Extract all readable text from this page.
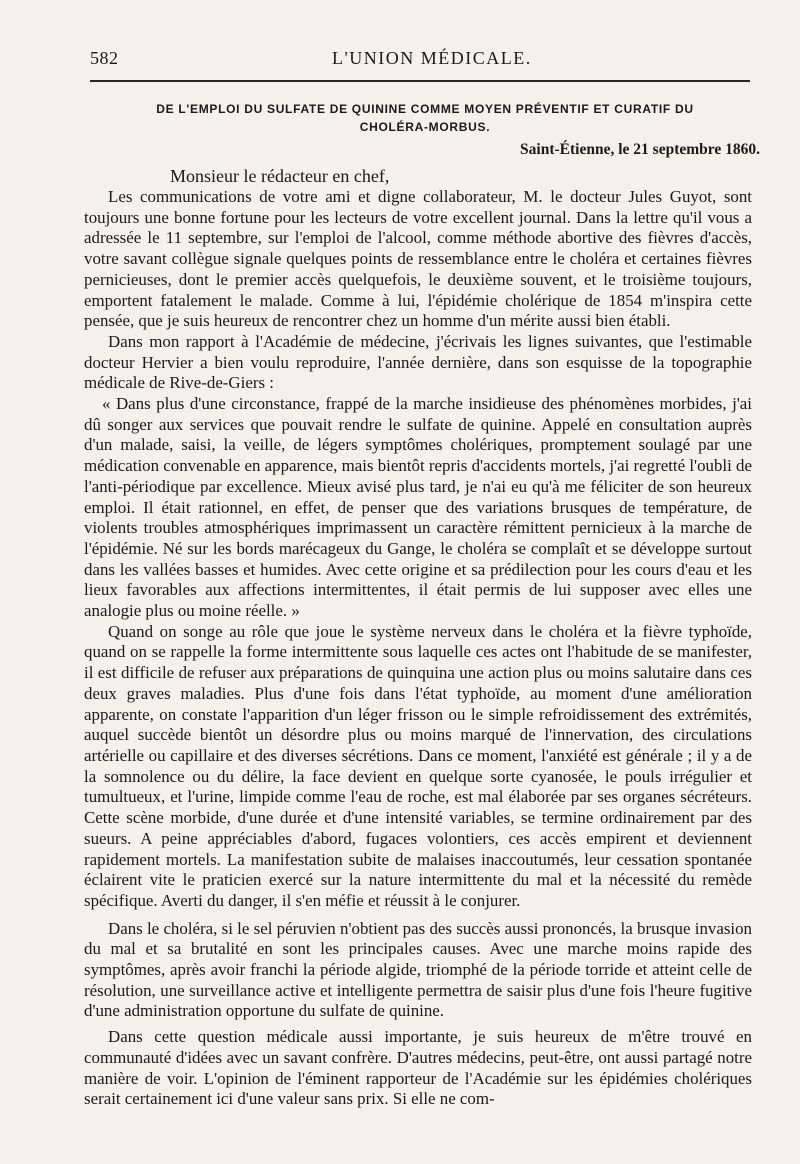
582	L'UNION MÉDICALE.
DE L'EMPLOI DU SULFATE DE QUININE COMME MOYEN PRÉVENTIF ET CURATIF DU
CHOLÉRA-MORBUS.
Saint-Étienne, le 21 septembre 1860.
Monsieur le rédacteur en chef,

Les communications de votre ami et digne collaborateur, M. le docteur Jules Guyot, sont toujours une bonne fortune pour les lecteurs de votre excellent journal. Dans la lettre qu'il vous a adressée le 11 septembre, sur l'emploi de l'alcool, comme méthode abortive des fièvres d'accès, votre savant collègue signale quelques points de ressemblance entre le choléra et certaines fièvres pernicieuses, dont le premier accès quelquefois, le deuxième souvent, et le troisième toujours, emportent fatalement le malade. Comme à lui, l'épidémie cholérique de 1854 m'inspira cette pensée, que je suis heureux de rencontrer chez un homme d'un mérite aussi bien établi.

Dans mon rapport à l'Académie de médecine, j'écrivais les lignes suivantes, que l'estimable docteur Hervier a bien voulu reproduire, l'année dernière, dans son esquisse de la topographie médicale de Rive-de-Giers :

« Dans plus d'une circonstance, frappé de la marche insidieuse des phénomènes morbides, j'ai dû songer aux services que pouvait rendre le sulfate de quinine. Appelé en consultation auprès d'un malade, saisi, la veille, de légers symptômes cholériques, promptement soulagé par une médication convenable en apparence, mais bientôt repris d'accidents mortels, j'ai regretté l'oubli de l'anti-périodique par excellence. Mieux avisé plus tard, je n'ai eu qu'à me féliciter de son heureux emploi. Il était rationnel, en effet, de penser que des variations brusques de température, de violents troubles atmosphériques imprimassent un caractère rémittent pernicieux à la marche de l'épidémie. Né sur les bords marécageux du Gange, le choléra se complaît et se développe surtout dans les vallées basses et humides. Avec cette origine et sa prédilection pour les cours d'eau et les lieux favorables aux affections intermittentes, il était permis de lui supposer avec elles une analogie plus ou moine réelle. »

Quand on songe au rôle que joue le système nerveux dans le choléra et la fièvre typhoïde, quand on se rappelle la forme intermittente sous laquelle ces actes ont l'habitude de se manifester, il est difficile de refuser aux préparations de quinquina une action plus ou moins salutaire dans ces deux graves maladies. Plus d'une fois dans l'état typhoïde, au moment d'une amélioration apparente, on constate l'apparition d'un léger frisson ou le simple refroidissement des extrémités, auquel succède bientôt un désordre plus ou moins marqué de l'innervation, des circulations artérielle ou capillaire et des diverses sécrétions. Dans ce moment, l'anxiété est générale ; il y a de la somnolence ou du délire, la face devient en quelque sorte cyanosée, le pouls irrégulier et tumultueux, et l'urine, limpide comme l'eau de roche, est mal élaborée par ses organes sécréteurs. Cette scène morbide, d'une durée et d'une intensité variables, se termine ordinairement par des sueurs. A peine appréciables d'abord, fugaces volontiers, ces accès empirent et deviennent rapidement mortels. La manifestation subite de malaises inaccoutumés, leur cessation spontanée éclairent vite le praticien exercé sur la nature intermittente du mal et la nécessité du remède spécifique. Averti du danger, il s'en méfie et réussit à le conjurer.

Dans le choléra, si le sel péruvien n'obtient pas des succès aussi prononcés, la brusque invasion du mal et sa brutalité en sont les principales causes. Avec une marche moins rapide des symptômes, après avoir franchi la période algide, triomphé de la période torride et atteint celle de résolution, une surveillance active et intelligente permettra de saisir plus d'une fois l'heure fugitive d'une administration opportune du sulfate de quinine.

Dans cette question médicale aussi importante, je suis heureux de m'être trouvé en communauté d'idées avec un savant confrère. D'autres médecins, peut-être, ont aussi partagé notre manière de voir. L'opinion de l'éminent rapporteur de l'Académie sur les épidémies cholériques serait certainement ici d'une valeur sans prix. Si elle ne com-
